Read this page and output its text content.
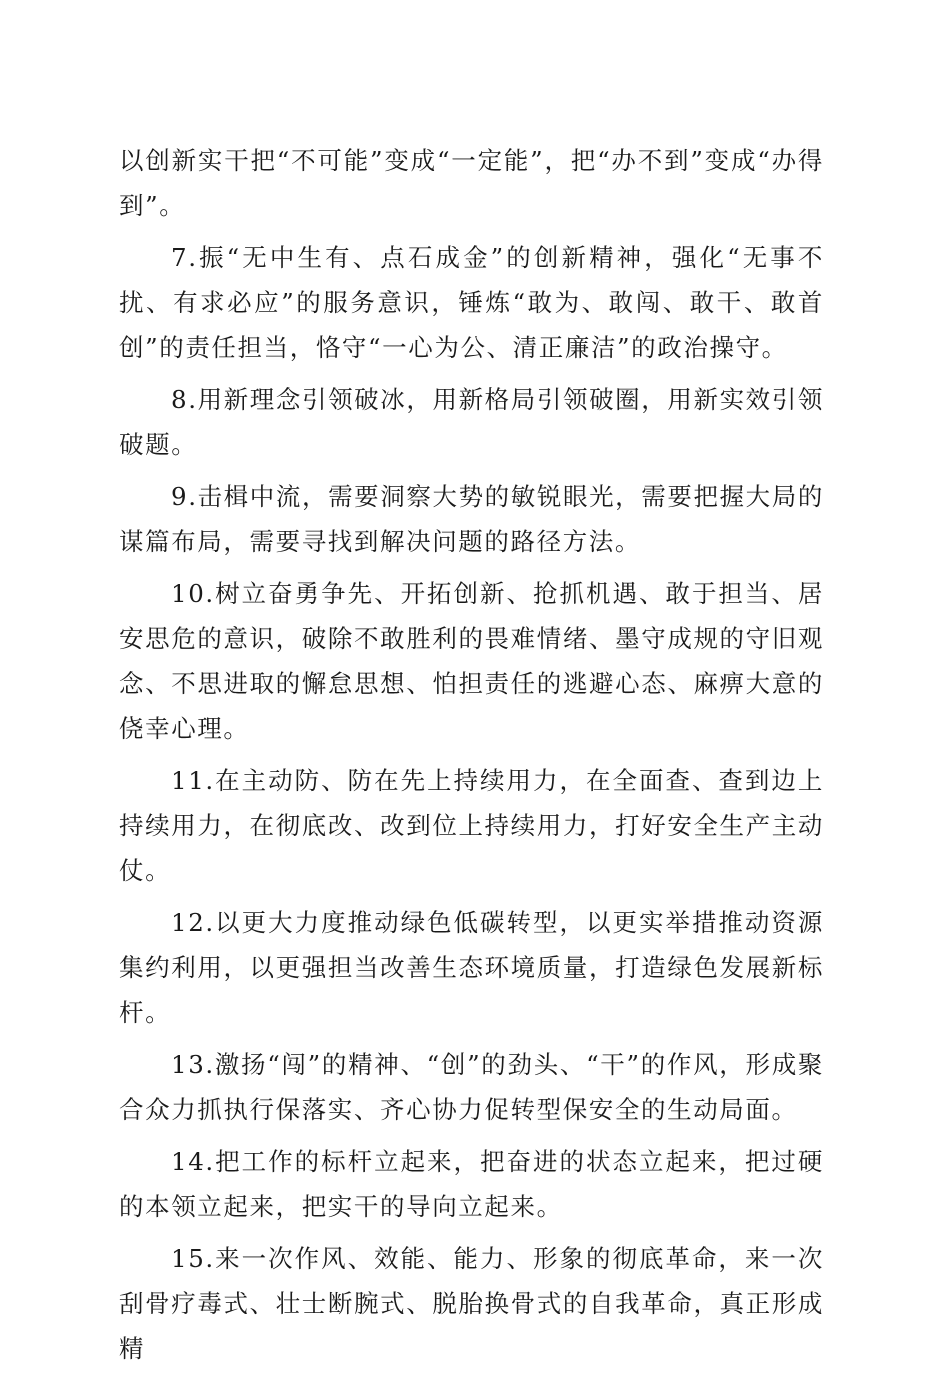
以创新实干把“不可能”变成“一定能”，把“办不到”变成“办得到”。

7.振“无中生有、点石成金”的创新精神，强化“无事不扰、有求必应”的服务意识，锤炼“敢为、敢闯、敢干、敢首创”的责任担当，恪守“一心为公、清正廉洁”的政治操守。

8.用新理念引领破冰，用新格局引领破圈，用新实效引领破题。

9.击楫中流，需要洞察大势的敏锐眼光，需要把握大局的谋篇布局，需要寻找到解决问题的路径方法。

10.树立奋勇争先、开拓创新、抢抓机遇、敢于担当、居安思危的意识，破除不敢胜利的畏难情绪、墨守成规的守旧观念、不思进取的懈怠思想、怕担责任的逃避心态、麻痹大意的侥幸心理。

11.在主动防、防在先上持续用力，在全面查、查到边上持续用力，在彻底改、改到位上持续用力，打好安全生产主动仗。

12.以更大力度推动绿色低碳转型，以更实举措推动资源集约利用，以更强担当改善生态环境质量，打造绿色发展新标杆。

13.激扬“闯”的精神、“创”的劲头、“干”的作风，形成聚合众力抓执行保落实、齐心协力促转型保安全的生动局面。

14.把工作的标杆立起来，把奋进的状态立起来，把过硬的本领立起来，把实干的导向立起来。

15.来一次作风、效能、能力、形象的彻底革命，来一次刮骨疗毒式、壮士断腕式、脱胎换骨式的自我革命，真正形成精
